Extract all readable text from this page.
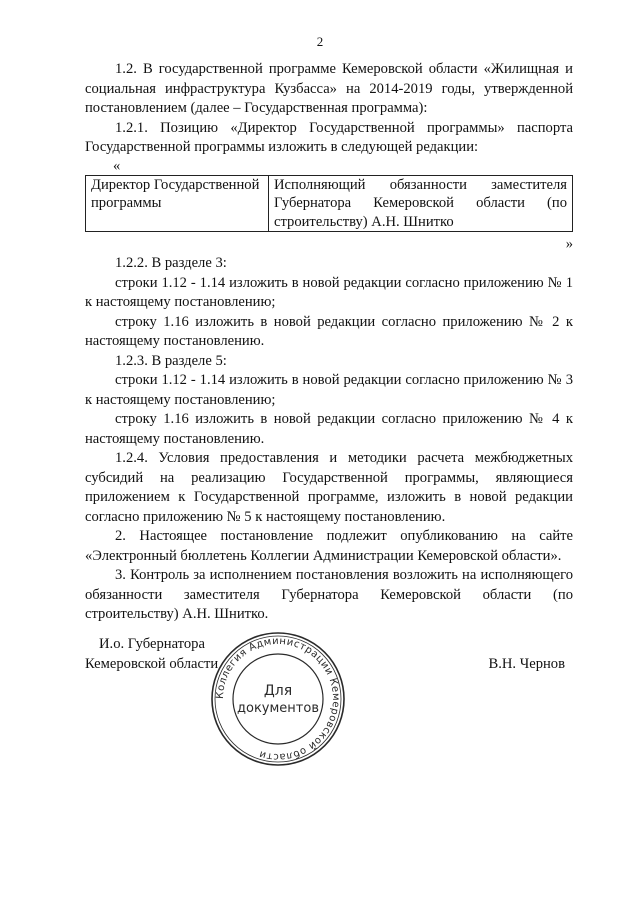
2

1.2. В государственной программе Кемеровской области «Жилищная и социальная инфраструктура Кузбасса» на 2014-2019 годы, утвержденной постановлением (далее – Государственная программа):

1.2.1. Позицию «Директор Государственной программы» паспорта Государственной программы изложить в следующей редакции:

«
Директор Государственной программы	Исполняющий обязанности заместителя Губернатора Кемеровской области (по строительству) А.Н. Шнитко
»

1.2.2. В разделе 3:

строки 1.12 - 1.14 изложить в новой редакции согласно приложению № 1 к настоящему постановлению;

строку 1.16 изложить в новой редакции согласно приложению № 2 к настоящему постановлению.

1.2.3. В разделе 5:

строки 1.12 - 1.14 изложить в новой редакции согласно приложению № 3 к настоящему постановлению;

строку 1.16 изложить в новой редакции согласно приложению № 4 к настоящему постановлению.

1.2.4. Условия предоставления и методики расчета межбюджетных субсидий на реализацию Государственной программы, являющиеся приложением к Государственной программе, изложить в новой редакции согласно приложению № 5 к настоящему постановлению.

2. Настоящее постановление подлежит опубликованию на сайте «Электронный бюллетень Коллегии Администрации Кемеровской области».

3. Контроль за исполнением постановления возложить на исполняющего обязанности заместителя Губернатора Кемеровской области (по строительству) А.Н. Шнитко.

И.о. Губернатора
Кемеровской области	В.Н. Чернов
Коллегия Администрации Кемеровской области
Для
документов
